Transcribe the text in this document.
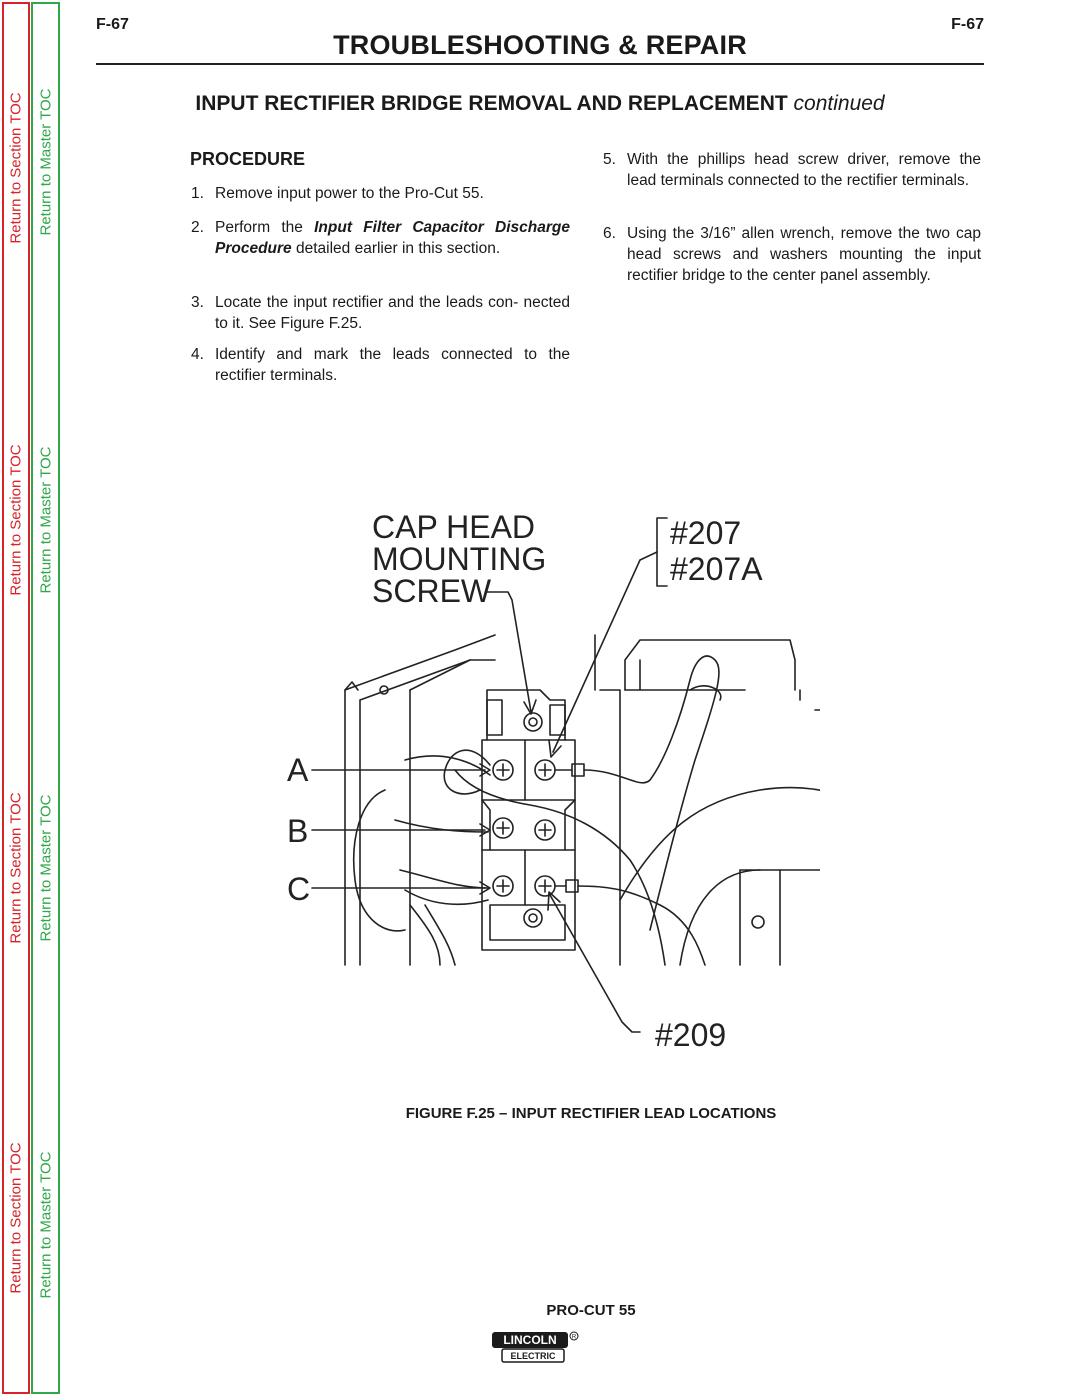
Return to Section TOC
Return to Section TOC
Return to Section TOC
Return to Section TOC
Return to Master TOC
Return to Master TOC
Return to Master TOC
Return to Master TOC
F-67	F-67
TROUBLESHOOTING & REPAIR
INPUT RECTIFIER BRIDGE REMOVAL AND REPLACEMENT continued
PROCEDURE
1. Remove input power to the Pro-Cut 55.
2. Perform the Input Filter Capacitor Discharge Procedure detailed earlier in this section.
3. Locate the input rectifier and the leads con- nected to it. See Figure F.25.
4. Identify and mark the leads connected to the rectifier terminals.
5. With the phillips head screw driver, remove the lead terminals connected to the rectifier terminals.
6. Using the 3/16” allen wrench, remove the two cap head screws and washers mounting the input rectifier bridge to the center panel assembly.
CAP HEAD
MOUNTING
SCREW
#207
#207A
#209
A
B
C
FIGURE F.25 – INPUT RECTIFIER LEAD LOCATIONS
PRO-CUT 55
LINCOLN	R
ELECTRIC
